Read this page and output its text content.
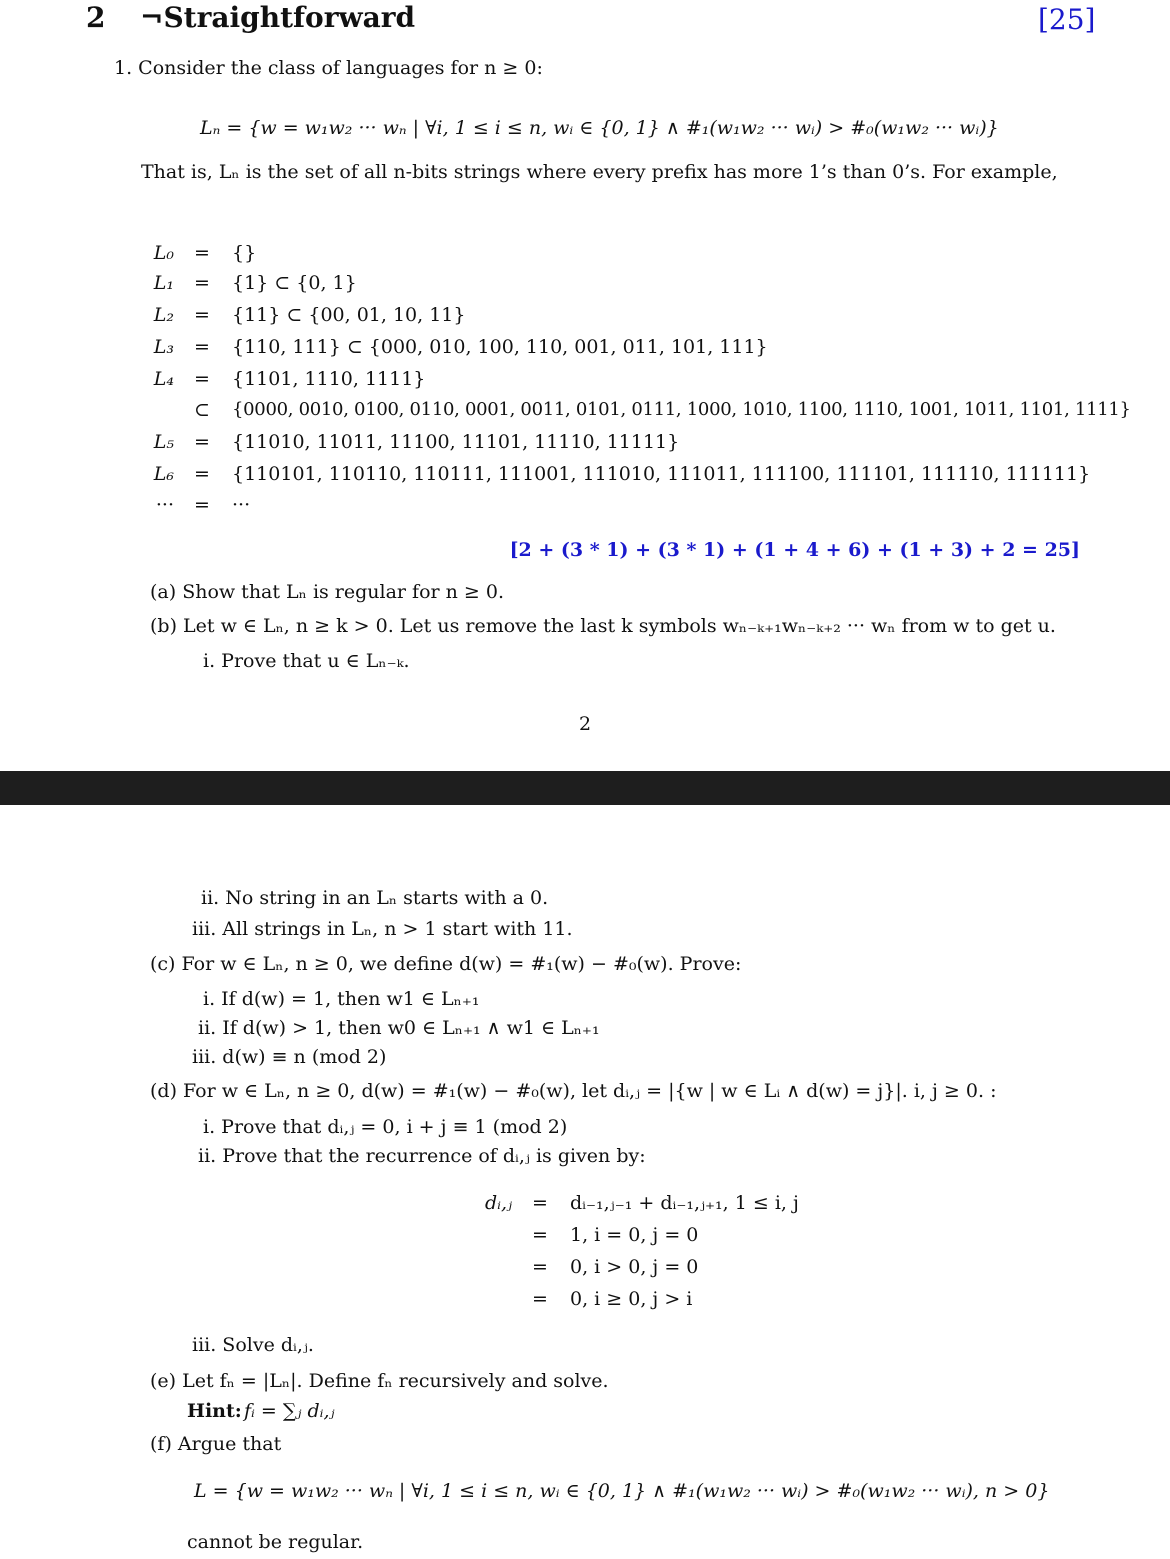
2 ¬Straightforward	[25]
1. Consider the class of languages for n ≥ 0:
Lₙ = {w = w₁w₂ ··· wₙ | ∀i, 1 ≤ i ≤ n, wᵢ ∈ {0, 1} ∧ #₁(w₁w₂ ··· wᵢ) > #₀(w₁w₂ ··· wᵢ)}
That is, Lₙ is the set of all n-bits strings where every prefix has more 1’s than 0’s. For example,
L₀ = {}
L₁ = {1} ⊂ {0, 1}
L₂ = {11} ⊂ {00, 01, 10, 11}
L₃ = {110, 111} ⊂ {000, 010, 100, 110, 001, 011, 101, 111}
L₄ = {1101, 1110, 1111}
⊂ {0000, 0010, 0100, 0110, 0001, 0011, 0101, 0111, 1000, 1010, 1100, 1110, 1001, 1011, 1101, 1111}
L₅ = {11010, 11011, 11100, 11101, 11110, 11111}
L₆ = {110101, 110110, 110111, 111001, 111010, 111011, 111100, 111101, 111110, 111111}
··· = ···
[2 + (3 * 1) + (3 * 1) + (1 + 4 + 6) + (1 + 3) + 2 = 25]
(a) Show that Lₙ is regular for n ≥ 0.
(b) Let w ∈ Lₙ, n ≥ k > 0. Let us remove the last k symbols wₙ₋ₖ₊₁wₙ₋ₖ₊₂ ··· wₙ from w to get u.
i. Prove that u ∈ Lₙ₋ₖ.
2
ii. No string in an Lₙ starts with a 0.
iii. All strings in Lₙ, n > 1 start with 11.
(c) For w ∈ Lₙ, n ≥ 0, we define d(w) = #₁(w) − #₀(w). Prove:
i. If d(w) = 1, then w1 ∈ Lₙ₊₁
ii. If d(w) > 1, then w0 ∈ Lₙ₊₁ ∧ w1 ∈ Lₙ₊₁
iii. d(w) ≡ n (mod 2)
(d) For w ∈ Lₙ, n ≥ 0, d(w) = #₁(w) − #₀(w), let dᵢ,ⱼ = |{w | w ∈ Lᵢ ∧ d(w) = j}|. i, j ≥ 0. :
i. Prove that dᵢ,ⱼ = 0, i + j ≡ 1 (mod 2)
ii. Prove that the recurrence of dᵢ,ⱼ is given by:
dᵢ,ⱼ = dᵢ₋₁,ⱼ₋₁ + dᵢ₋₁,ⱼ₊₁, 1 ≤ i, j
= 1, i = 0, j = 0
= 0, i > 0, j = 0
= 0, i ≥ 0, j > i
iii. Solve dᵢ,ⱼ.
(e) Let fₙ = |Lₙ|. Define fₙ recursively and solve.
Hint: fᵢ = ∑ⱼ dᵢ,ⱼ
(f) Argue that
L = {w = w₁w₂ ··· wₙ | ∀i, 1 ≤ i ≤ n, wᵢ ∈ {0, 1} ∧ #₁(w₁w₂ ··· wᵢ) > #₀(w₁w₂ ··· wᵢ), n > 0}
cannot be regular.
